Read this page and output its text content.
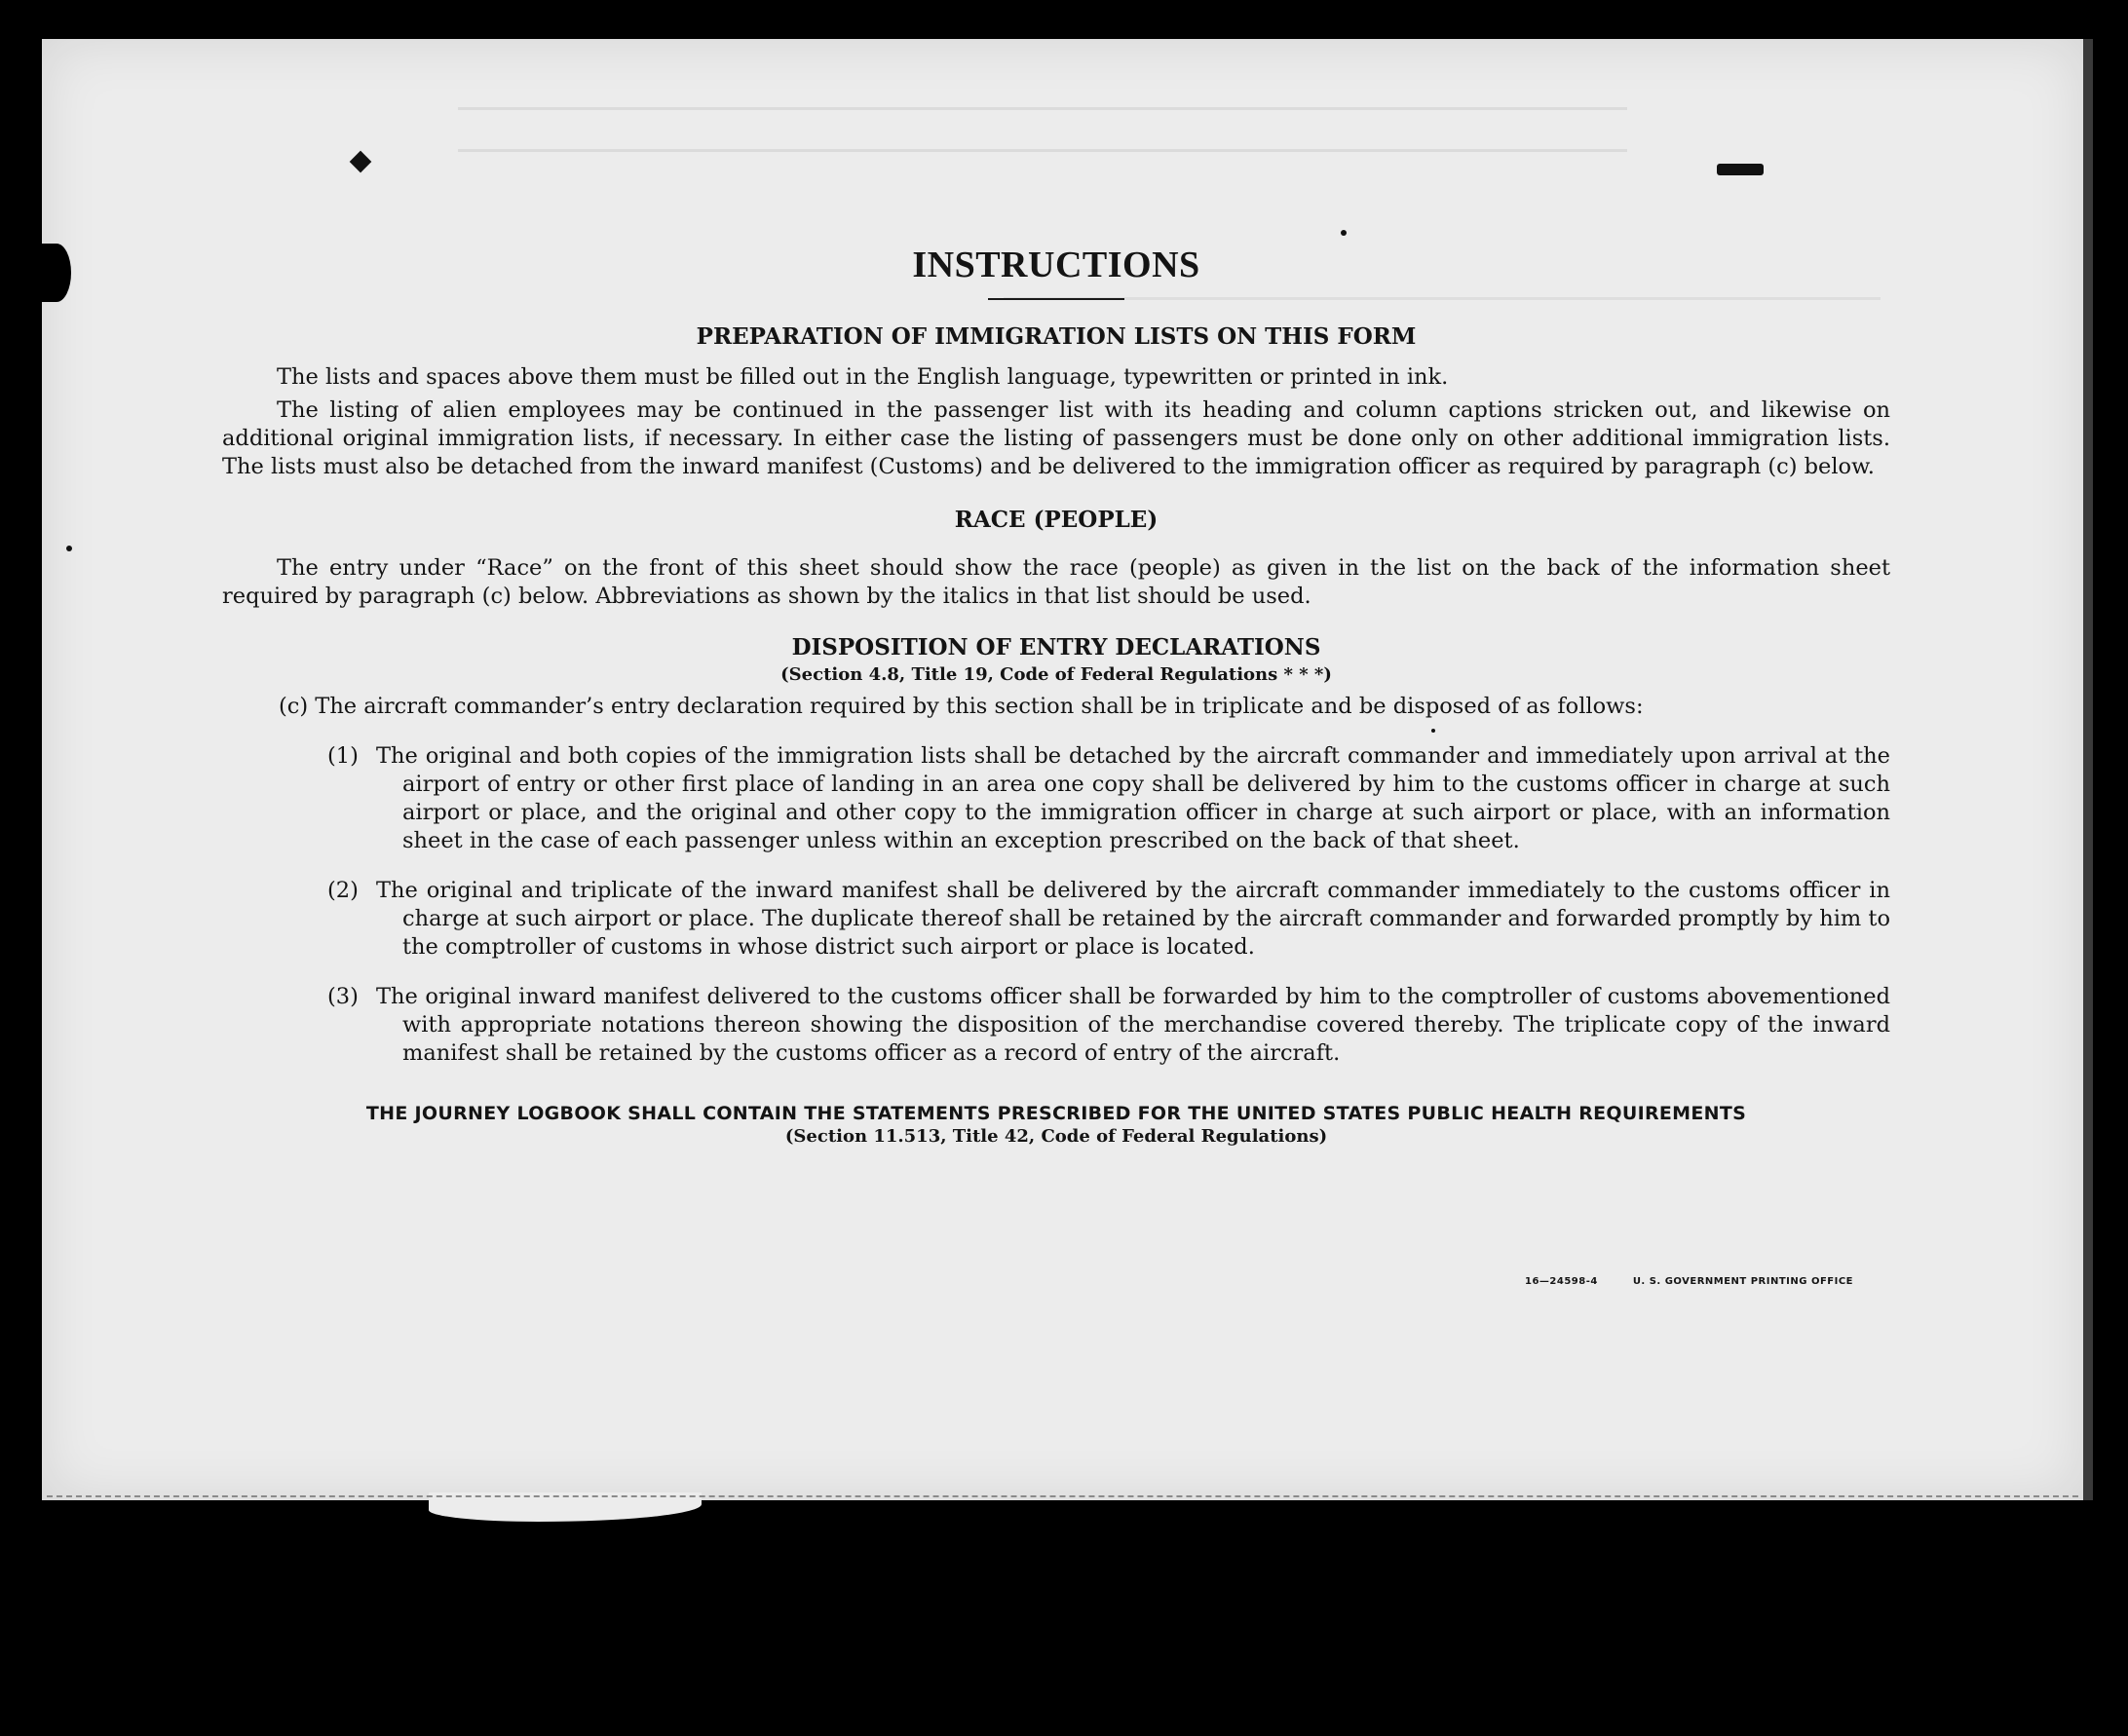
INSTRUCTIONS
PREPARATION OF IMMIGRATION LISTS ON THIS FORM

The lists and spaces above them must be filled out in the English language, typewritten or printed in ink.

The listing of alien employees may be continued in the passenger list with its heading and column captions stricken out, and likewise on additional original immigration lists, if necessary. In either case the listing of passengers must be done only on other additional immigration lists. The lists must also be detached from the inward manifest (Customs) and be delivered to the immigration officer as required by paragraph (c) below.

RACE (PEOPLE)

The entry under “Race” on the front of this sheet should show the race (people) as given in the list on the back of the information sheet required by paragraph (c) below. Abbreviations as shown by the italics in that list should be used.

DISPOSITION OF ENTRY DECLARATIONS

(Section 4.8, Title 19, Code of Federal Regulations * * *)

(c) The aircraft commander’s entry declaration required by this section shall be in triplicate and be disposed of as follows:

(1) The original and both copies of the immigration lists shall be detached by the aircraft commander and immediately upon arrival at the airport of entry or other first place of landing in an area one copy shall be delivered by him to the customs officer in charge at such airport or place, and the original and other copy to the immigration officer in charge at such airport or place, with an information sheet in the case of each passenger unless within an exception prescribed on the back of that sheet.
(2) The original and triplicate of the inward manifest shall be delivered by the aircraft commander immediately to the customs officer in charge at such airport or place. The duplicate thereof shall be retained by the aircraft commander and forwarded promptly by him to the comptroller of customs in whose district such airport or place is located.
(3) The original inward manifest delivered to the customs officer shall be forwarded by him to the comptroller of customs abovementioned with appropriate notations thereon showing the disposition of the merchandise covered thereby. The triplicate copy of the inward manifest shall be retained by the customs officer as a record of entry of the aircraft.

THE JOURNEY LOGBOOK SHALL CONTAIN THE STATEMENTS PRESCRIBED FOR THE UNITED STATES PUBLIC HEALTH REQUIREMENTS

(Section 11.513, Title 42, Code of Federal Regulations)

16—24598-4	U. S. GOVERNMENT PRINTING OFFICE
